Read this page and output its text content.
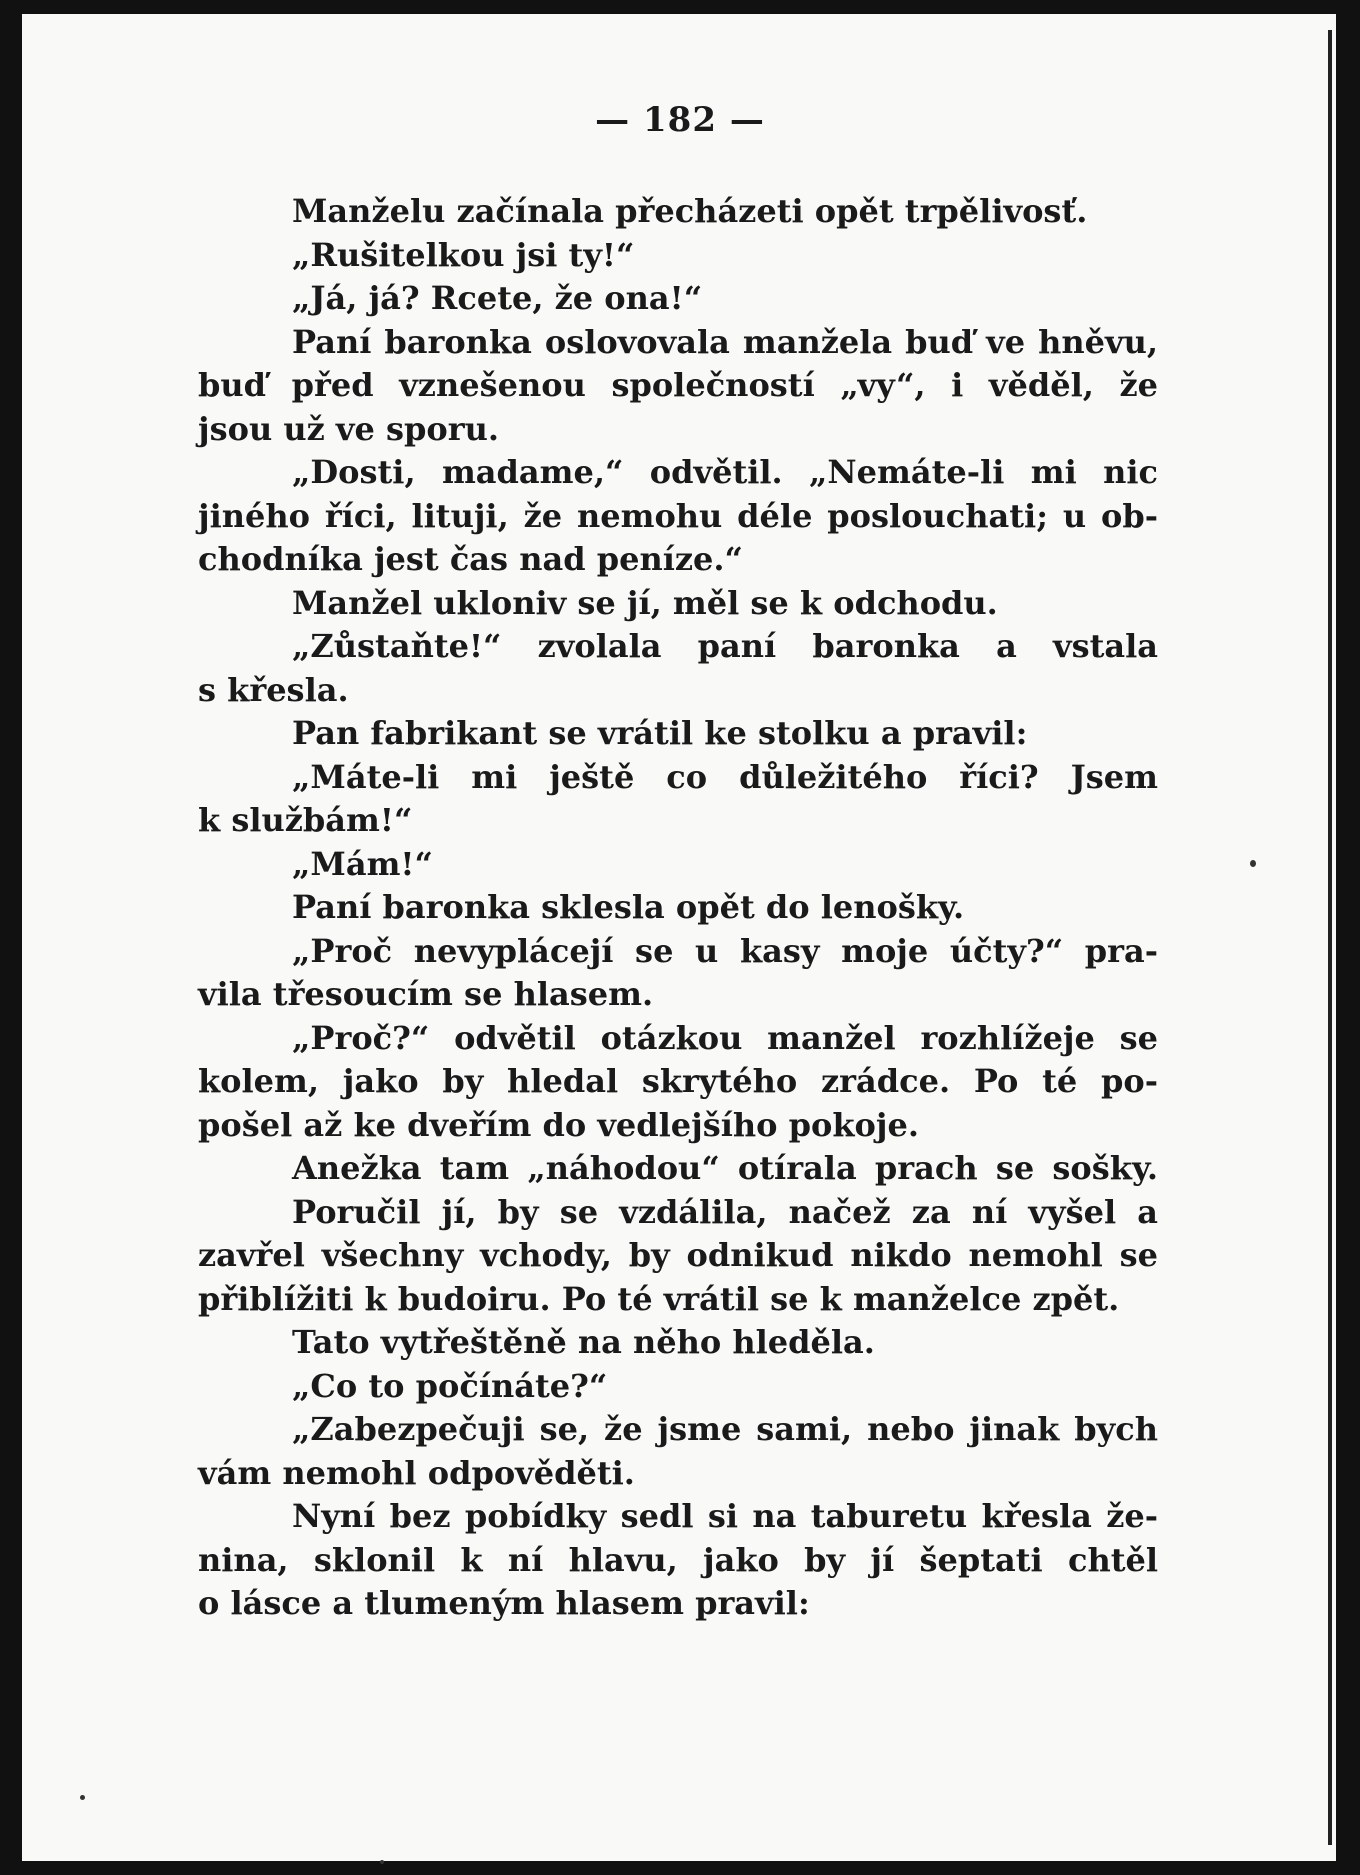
— 182 —
Manželu začínala přecházeti opět trpělivosť.
„Rušitelkou jsi ty!“
„Já, já? Rcete, že ona!“
Paní baronka oslovovala manžela buď ve hněvu,
buď před vznešenou společností „vy“, i věděl, že
jsou už ve sporu.
„Dosti, madame,“ odvětil. „Nemáte-li mi nic
jiného říci, lituji, že nemohu déle poslouchati; u ob-
chodníka jest čas nad peníze.“
Manžel ukloniv se jí, měl se k odchodu.
„Zůstaňte!“ zvolala paní baronka a vstala
s křesla.
Pan fabrikant se vrátil ke stolku a pravil:
„Máte-li mi ještě co důležitého říci? Jsem
k službám!“
„Mám!“
Paní baronka sklesla opět do lenošky.
„Proč nevyplácejí se u kasy moje účty?“ pra-
vila třesoucím se hlasem.
„Proč?“ odvětil otázkou manžel rozhlížeje se
kolem, jako by hledal skrytého zrádce. Po té po-
pošel až ke dveřím do vedlejšího pokoje.
Anežka tam „náhodou“ otírala prach se sošky.
Poručil jí, by se vzdálila, načež za ní vyšel a
zavřel všechny vchody, by odnikud nikdo nemohl se
přiblížiti k budoiru. Po té vrátil se k manželce zpět.
Tato vytřeštěně na něho hleděla.
„Co to počínáte?“
„Zabezpečuji se, že jsme sami, nebo jinak bych
vám nemohl odpověděti.
Nyní bez pobídky sedl si na taburetu křesla že-
nina, sklonil k ní hlavu, jako by jí šeptati chtěl
o lásce a tlumeným hlasem pravil:
